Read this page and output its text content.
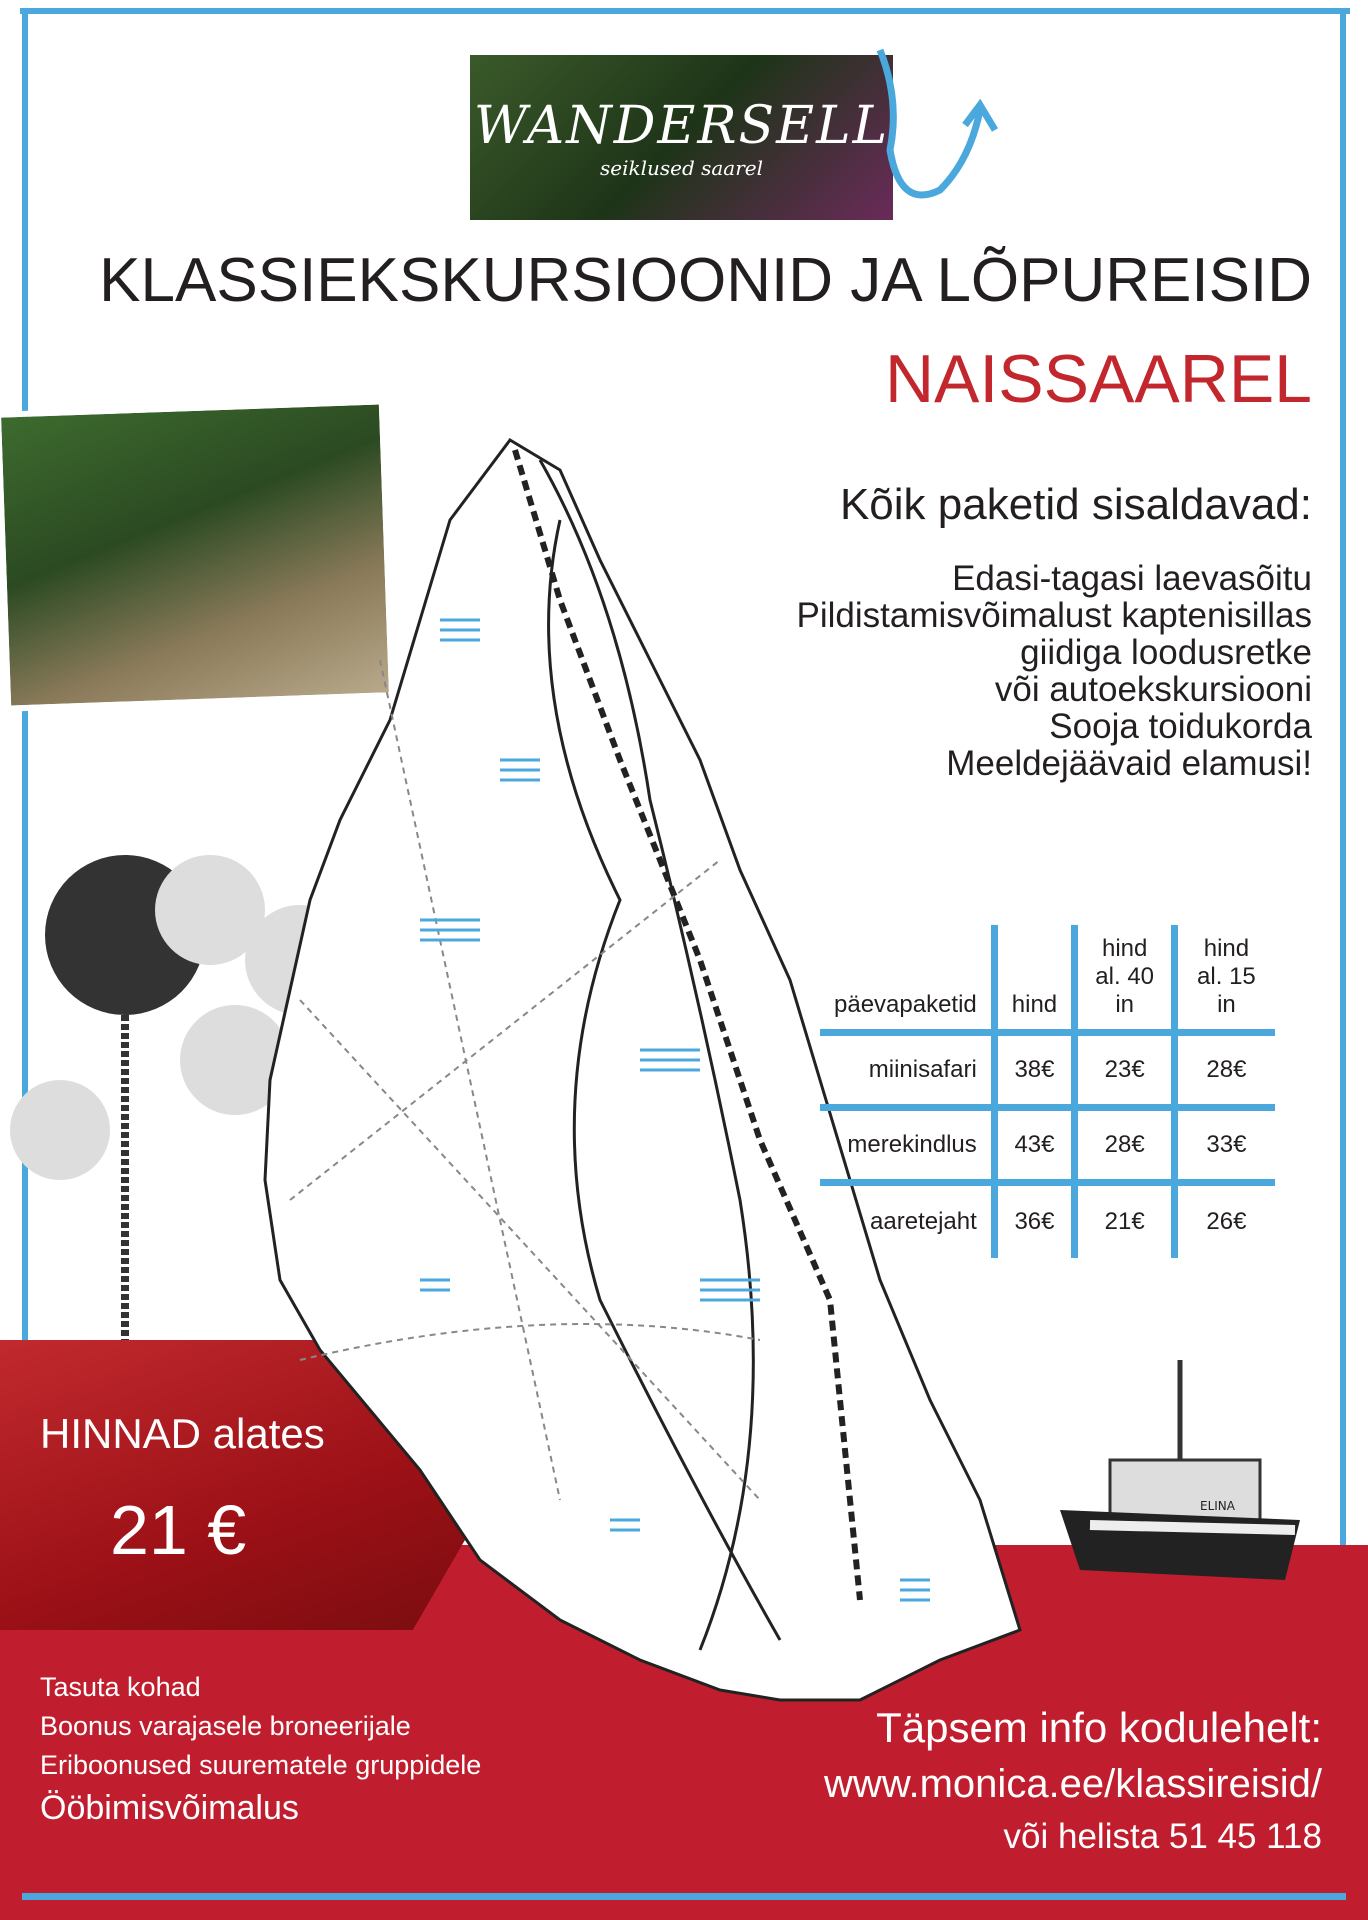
WANDERSELL
seiklused saarel
KLASSIEKSKURSIOONID JA LÕPUREISID
NAISSAAREL
Kõik paketid sisaldavad:
Edasi-tagasi laevasõitu
Pildistamisvõimalust kaptenisillas
giidiga loodusretke
või autoekskursiooni
Sooja toidukorda
Meeldejäävaid elamusi!
päevapaketid	hind	hind al. 40 in	hind al. 15 in
miinisafari	38€	23€	28€
merekindlus	43€	28€	33€
aaretejaht	36€	21€	26€
ELINA
HINNAD alates
21 €
Tasuta kohad
Boonus varajasele broneerijale
Eriboonused suurematele gruppidele
Ööbimisvõimalus
Täpsem info kodulehelt:
www.monica.ee/klassireisid/
või helista 51 45 118
